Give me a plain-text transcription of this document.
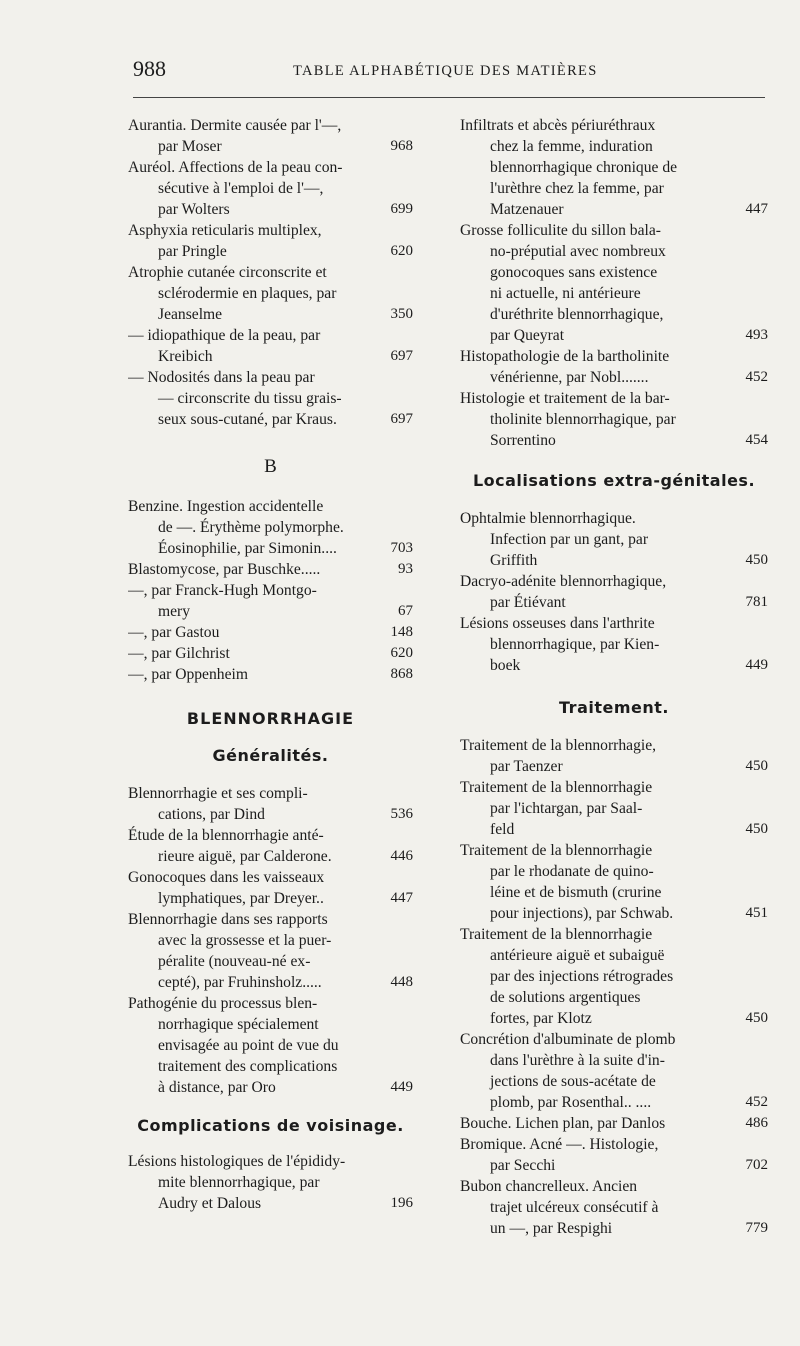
988	TABLE ALPHABÉTIQUE DES MATIÈRES
Aurantia. Dermite causée par l'—,
par Moser	968
Auréol. Affections de la peau con-
sécutive à l'emploi de l'—,
par Wolters	699
Asphyxia reticularis multiplex,
par Pringle	620
Atrophie cutanée circonscrite et
sclérodermie en plaques, par
Jeanselme	350
— idiopathique de la peau, par
Kreibich	697
— Nodosités dans la peau par
— circonscrite du tissu grais-
seux sous-cutané, par Kraus.	697
B
Benzine. Ingestion accidentelle
de —. Érythème polymorphe.
Éosinophilie, par Simonin....	703
Blastomycose, par Buschke.....	93
—, par Franck-Hugh Montgo-
mery	67
—, par Gastou	148
—, par Gilchrist	620
—, par Oppenheim	868
BLENNORRHAGIE
Généralités.
Blennorrhagie et ses compli-
cations, par Dind	536
Étude de la blennorrhagie anté-
rieure aiguë, par Calderone.	446
Gonocoques dans les vaisseaux
lymphatiques, par Dreyer..	447
Blennorrhagie dans ses rapports
avec la grossesse et la puer-
péralite (nouveau-né ex-
cepté), par Fruhinsholz.....	448
Pathogénie du processus blen-
norrhagique spécialement
envisagée au point de vue du
traitement des complications
à distance, par Oro	449
Complications de voisinage.
Lésions histologiques de l'épididy-
mite blennorrhagique, par
Audry et Dalous	196
Infiltrats et abcès périuréthraux
chez la femme, induration
blennorrhagique chronique de
l'urèthre chez la femme, par
Matzenauer	447
Grosse folliculite du sillon bala-
no-préputial avec nombreux
gonocoques sans existence
ni actuelle, ni antérieure
d'uréthrite blennorrhagique,
par Queyrat	493
Histopathologie de la bartholinite
vénérienne, par Nobl.......	452
Histologie et traitement de la bar-
tholinite blennorrhagique, par
Sorrentino	454
Localisations extra-génitales.
Ophtalmie blennorrhagique.
Infection par un gant, par
Griffith	450
Dacryo-adénite blennorrhagique,
par Étiévant	781
Lésions osseuses dans l'arthrite
blennorrhagique, par Kien-
boek	449
Traitement.
Traitement de la blennorrhagie,
par Taenzer	450
Traitement de la blennorrhagie
par l'ichtargan, par Saal-
feld	450
Traitement de la blennorrhagie
par le rhodanate de quino-
léine et de bismuth (crurine
pour injections), par Schwab.	451
Traitement de la blennorrhagie
antérieure aiguë et subaiguë
par des injections rétrogrades
de solutions argentiques
fortes, par Klotz	450
Concrétion d'albuminate de plomb
dans l'urèthre à la suite d'in-
jections de sous-acétate de
plomb, par Rosenthal.. ....	452
Bouche. Lichen plan, par Danlos	486
Bromique. Acné —. Histologie,
par Secchi	702
Bubon chancrelleux. Ancien
trajet ulcéreux consécutif à
un —, par Respighi	779
